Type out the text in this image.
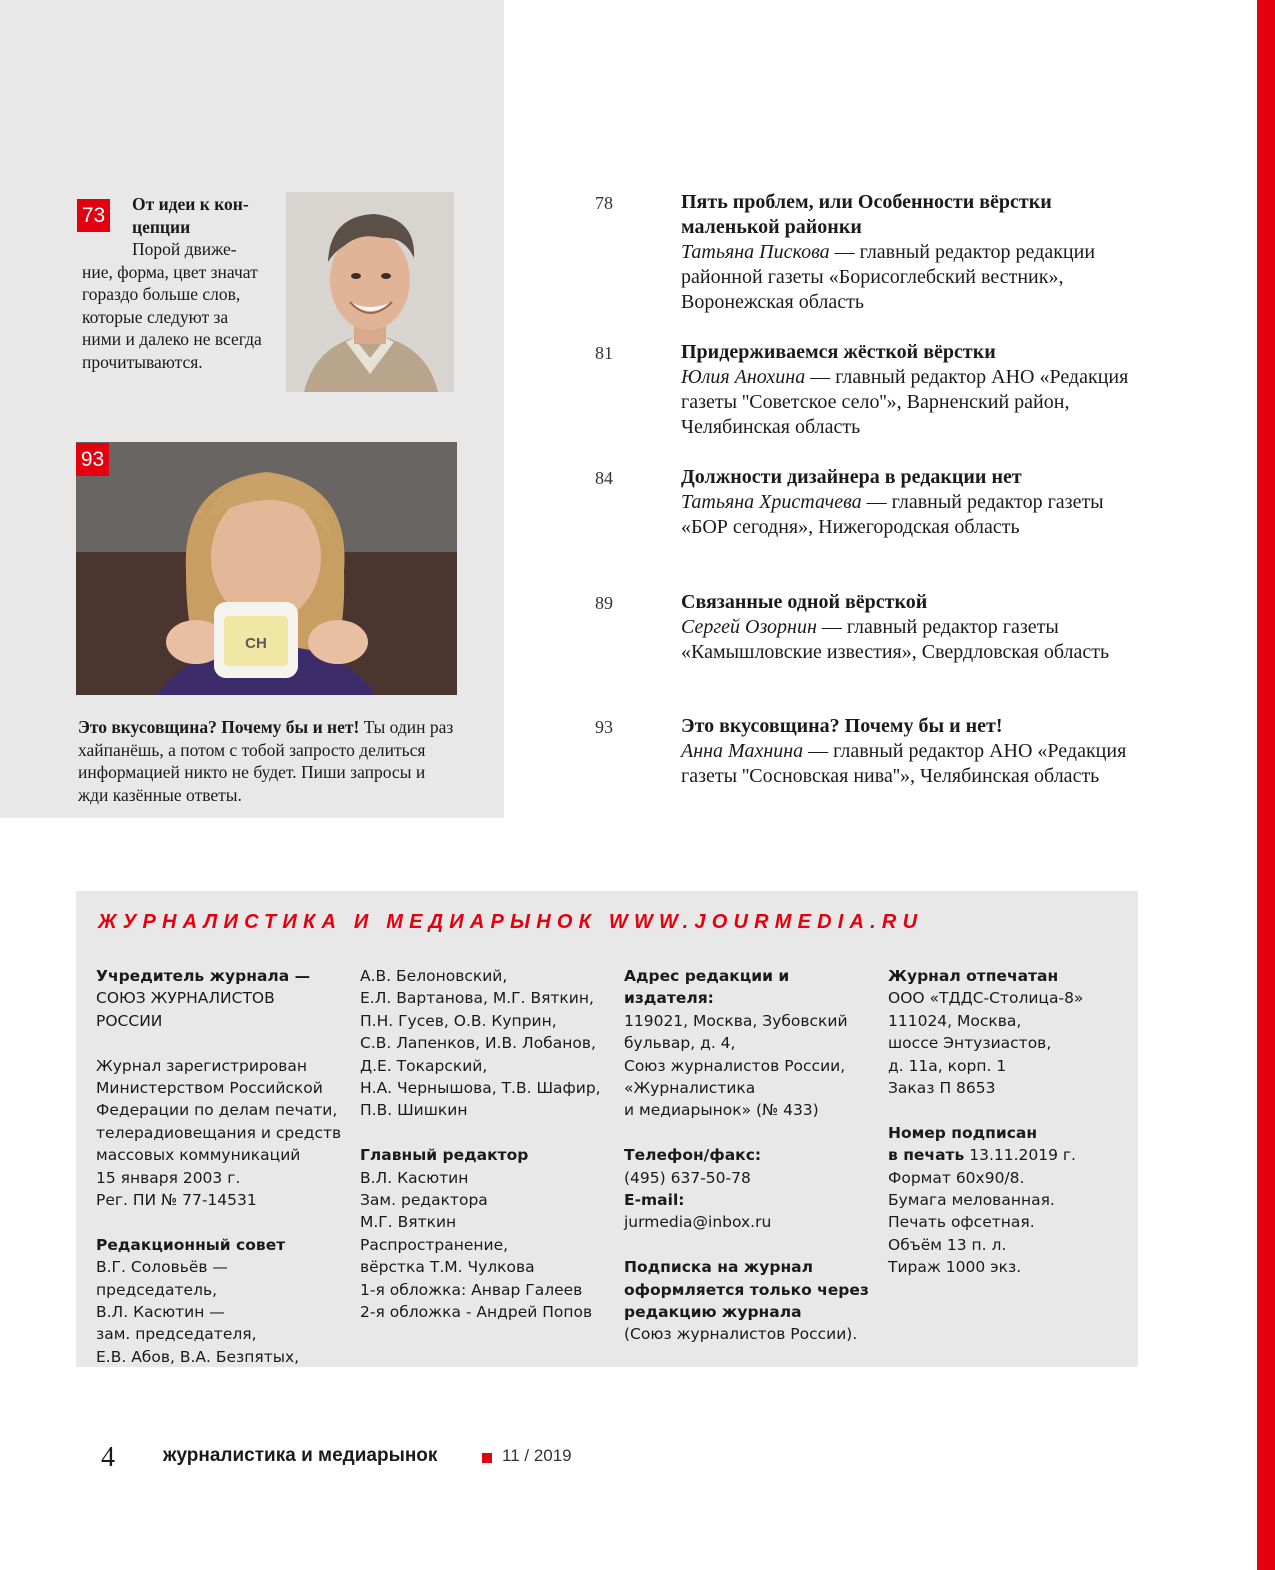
73	От идеи к кон-
цепции
Порой движе-
ние, форма, цвет значат гораздо больше слов, которые следуют за ними и далеко не всегда прочитываются.
СН
93
Это вкусовщина? Почему бы и нет! Ты один раз хайпанёшь, а потом с тобой запросто делиться информацией никто не будет. Пиши запросы и жди казённые ответы.
78	Пять проблем, или Особенности вёрстки маленькой районки
Татьяна Пискова — главный редактор редакции районной газеты «Борисоглебский вестник», Воронежская область
81	Придерживаемся жёсткой вёрстки
Юлия Анохина — главный редактор АНО «Редакция газеты ''Советское село''», Варненский район, Челябинская область
84	Должности дизайнера в редакции нет
Татьяна Христачева — главный редактор газеты «БОР сегодня», Нижегородская область
89	Связанные одной вёрсткой
Сергей Озорнин — главный редактор газеты «Камышловские известия», Свердловская область
93	Это вкусовщина? Почему бы и нет!
Анна Махнина — главный редактор АНО «Редакция газеты ''Сосновская нива''», Челябинская область
ЖУРНАЛИСТИКА И МЕДИАРЫНОК WWW.JOURMEDIA.RU
Учредитель журнала —

СОЮЗ ЖУРНАЛИСТОВ РОССИИ

Журнал зарегистрирован
Министерством Российской
Федерации по делам печати,
телерадиовещания и средств
массовых коммуникаций
15 января 2003 г.
Рег. ПИ № 77-14531

Редакционный совет

В.Г. Соловьёв —
председатель,
В.Л. Касютин —
зам. председателя,
Е.В. Абов, В.А. Безпятых,

А.В. Белоновский,
Е.Л. Вартанова, М.Г. Вяткин,
П.Н. Гусев, О.В. Куприн,
С.В. Лапенков, И.В. Лобанов,
Д.Е. Токарский,
Н.А. Чернышова, Т.В. Шафир,
П.В. Шишкин

Главный редактор

В.Л. Касютин
Зам. редактора
М.Г. Вяткин
Распространение,
вёрстка Т.М. Чулкова
1-я обложка: Анвар Галеев
2-я обложка - Андрей Попов

Адрес редакции и издателя:

119021, Москва, Зубовский
бульвар, д. 4,
Союз журналистов России,
«Журналистика
и медиарынок» (№ 433)

Телефон/факс:
(495) 637-50-78
E-mail:

jurmedia@inbox.ru

Подписка на журнал
оформляется только через
редакцию журнала
(Союз журналистов России).
Журнал отпечатан

ООО «ТДДС-Столица-8»
111024, Москва,
шоссе Энтузиастов,
д. 11а, корп. 1
Заказ П 8653

Номер подписан
в печать 13.11.2019 г.
Формат 60х90/8.
Бумага мелованная.
Печать офсетная.
Объём 13 п. л.
Тираж 1000 экз.
4	журналистика и медиарынок	11 / 2019
